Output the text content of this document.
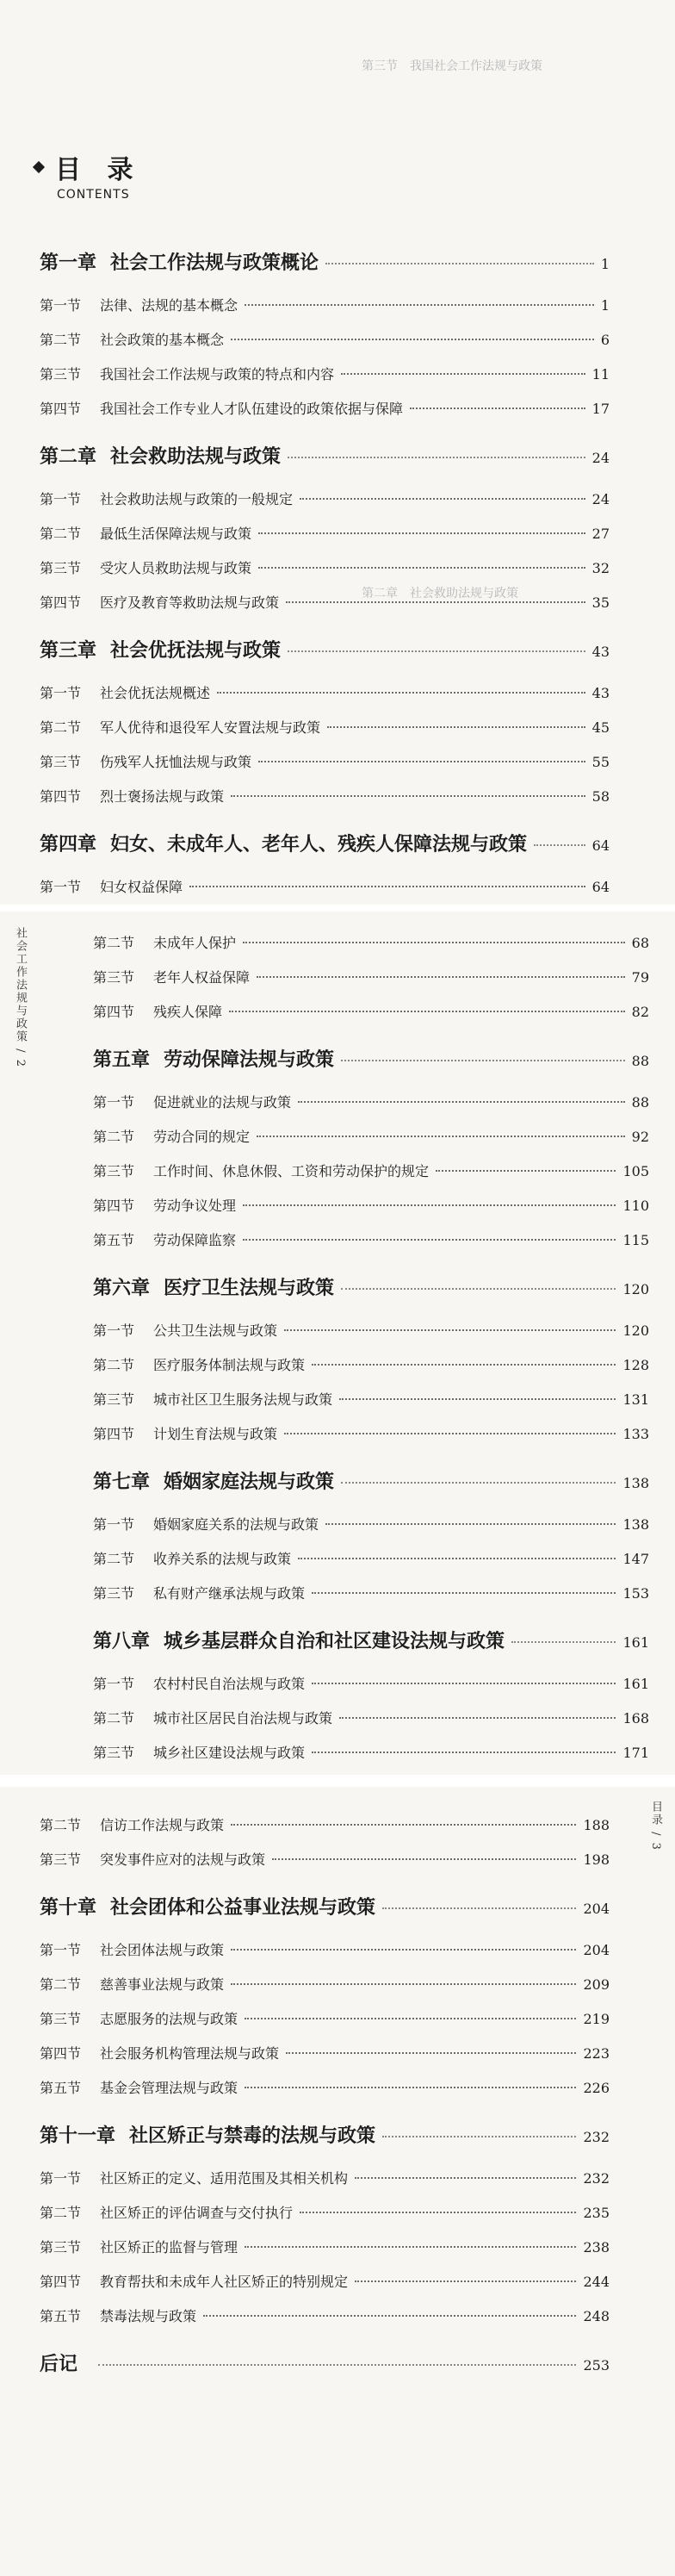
第三节　我国社会工作法规与政策
第二章　社会救助法规与政策
目 录
CONTENTS
第一章 社会工作法规与政策概论	1
第一节 法律、法规的基本概念	1
第二节 社会政策的基本概念	6
第三节 我国社会工作法规与政策的特点和内容	11
第四节 我国社会工作专业人才队伍建设的政策依据与保障	17
第二章 社会救助法规与政策	24
第一节 社会救助法规与政策的一般规定	24
第二节 最低生活保障法规与政策	27
第三节 受灾人员救助法规与政策	32
第四节 医疗及教育等救助法规与政策	35
第三章 社会优抚法规与政策	43
第一节 社会优抚法规概述	43
第二节 军人优待和退役军人安置法规与政策	45
第三节 伤残军人抚恤法规与政策	55
第四节 烈士褒扬法规与政策	58
第四章 妇女、未成年人、老年人、残疾人保障法规与政策	64
第一节 妇女权益保障	64
社会工作法规与政策 / 2	第二节 未成年人保护	68
第三节 老年人权益保障	79
第四节 残疾人保障	82
第五章 劳动保障法规与政策	88
第一节 促进就业的法规与政策	88
第二节 劳动合同的规定	92
第三节 工作时间、休息休假、工资和劳动保护的规定	105
第四节 劳动争议处理	110
第五节 劳动保障监察	115
第六章 医疗卫生法规与政策	120
第一节 公共卫生法规与政策	120
第二节 医疗服务体制法规与政策	128
第三节 城市社区卫生服务法规与政策	131
第四节 计划生育法规与政策	133
第七章 婚姻家庭法规与政策	138
第一节 婚姻家庭关系的法规与政策	138
第二节 收养关系的法规与政策	147
第三节 私有财产继承法规与政策	153
第八章 城乡基层群众自治和社区建设法规与政策	161
第一节 农村村民自治法规与政策	161
第二节 城市社区居民自治法规与政策	168
第三节 城乡社区建设法规与政策	171
目录 / 3
第二节 信访工作法规与政策	188
第三节 突发事件应对的法规与政策	198
第十章 社会团体和公益事业法规与政策	204
第一节 社会团体法规与政策	204
第二节 慈善事业法规与政策	209
第三节 志愿服务的法规与政策	219
第四节 社会服务机构管理法规与政策	223
第五节 基金会管理法规与政策	226
第十一章 社区矫正与禁毒的法规与政策	232
第一节 社区矫正的定义、适用范围及其相关机构	232
第二节 社区矫正的评估调查与交付执行	235
第三节 社区矫正的监督与管理	238
第四节 教育帮扶和未成年人社区矫正的特别规定	244
第五节 禁毒法规与政策	248
后记	253
